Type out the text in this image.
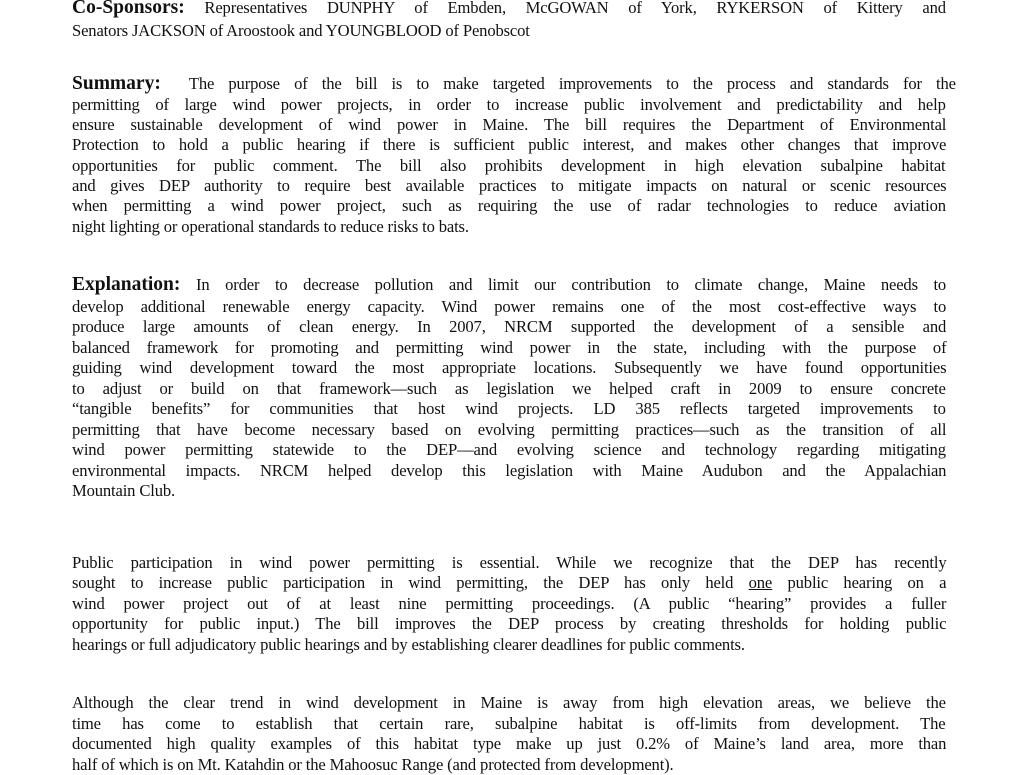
Co-Sponsors: Representatives DUNPHY of Embden, McGOWAN of York, RYKERSON of Kittery and
Senators JACKSON of Aroostook and YOUNGBLOOD of Penobscot
Summary: The purpose of the bill is to make targeted improvements to the process and standards for the
permitting of large wind power projects, in order to increase public involvement and predictability and help
ensure sustainable development of wind power in Maine. The bill requires the Department of Environmental
Protection to hold a public hearing if there is sufficient public interest, and makes other changes that improve
opportunities for public comment. The bill also prohibits development in high elevation subalpine habitat
and gives DEP authority to require best available practices to mitigate impacts on natural or scenic resources
when permitting a wind power project, such as requiring the use of radar technologies to reduce aviation
night lighting or operational standards to reduce risks to bats.
Explanation: In order to decrease pollution and limit our contribution to climate change, Maine needs to
develop additional renewable energy capacity. Wind power remains one of the most cost-effective ways to
produce large amounts of clean energy. In 2007, NRCM supported the development of a sensible and
balanced framework for promoting and permitting wind power in the state, including with the purpose of
guiding wind development toward the most appropriate locations. Subsequently we have found opportunities
to adjust or build on that framework—such as legislation we helped craft in 2009 to ensure concrete
“tangible benefits” for communities that host wind projects. LD 385 reflects targeted improvements to
permitting that have become necessary based on evolving permitting practices—such as the transition of all
wind power permitting statewide to the DEP—and evolving science and technology regarding mitigating
environmental impacts. NRCM helped develop this legislation with Maine Audubon and the Appalachian
Mountain Club.
Public participation in wind power permitting is essential. While we recognize that the DEP has recently
sought to increase public participation in wind permitting, the DEP has only held one public hearing on a
wind power project out of at least nine permitting proceedings. (A public “hearing” provides a fuller
opportunity for public input.) The bill improves the DEP process by creating thresholds for holding public
hearings or full adjudicatory public hearings and by establishing clearer deadlines for public comments.
Although the clear trend in wind development in Maine is away from high elevation areas, we believe the
time has come to establish that certain rare, subalpine habitat is off-limits from development. The
documented high quality examples of this habitat type make up just 0.2% of Maine’s land area, more than
half of which is on Mt. Katahdin or the Mahoosuc Range (and protected from development).
